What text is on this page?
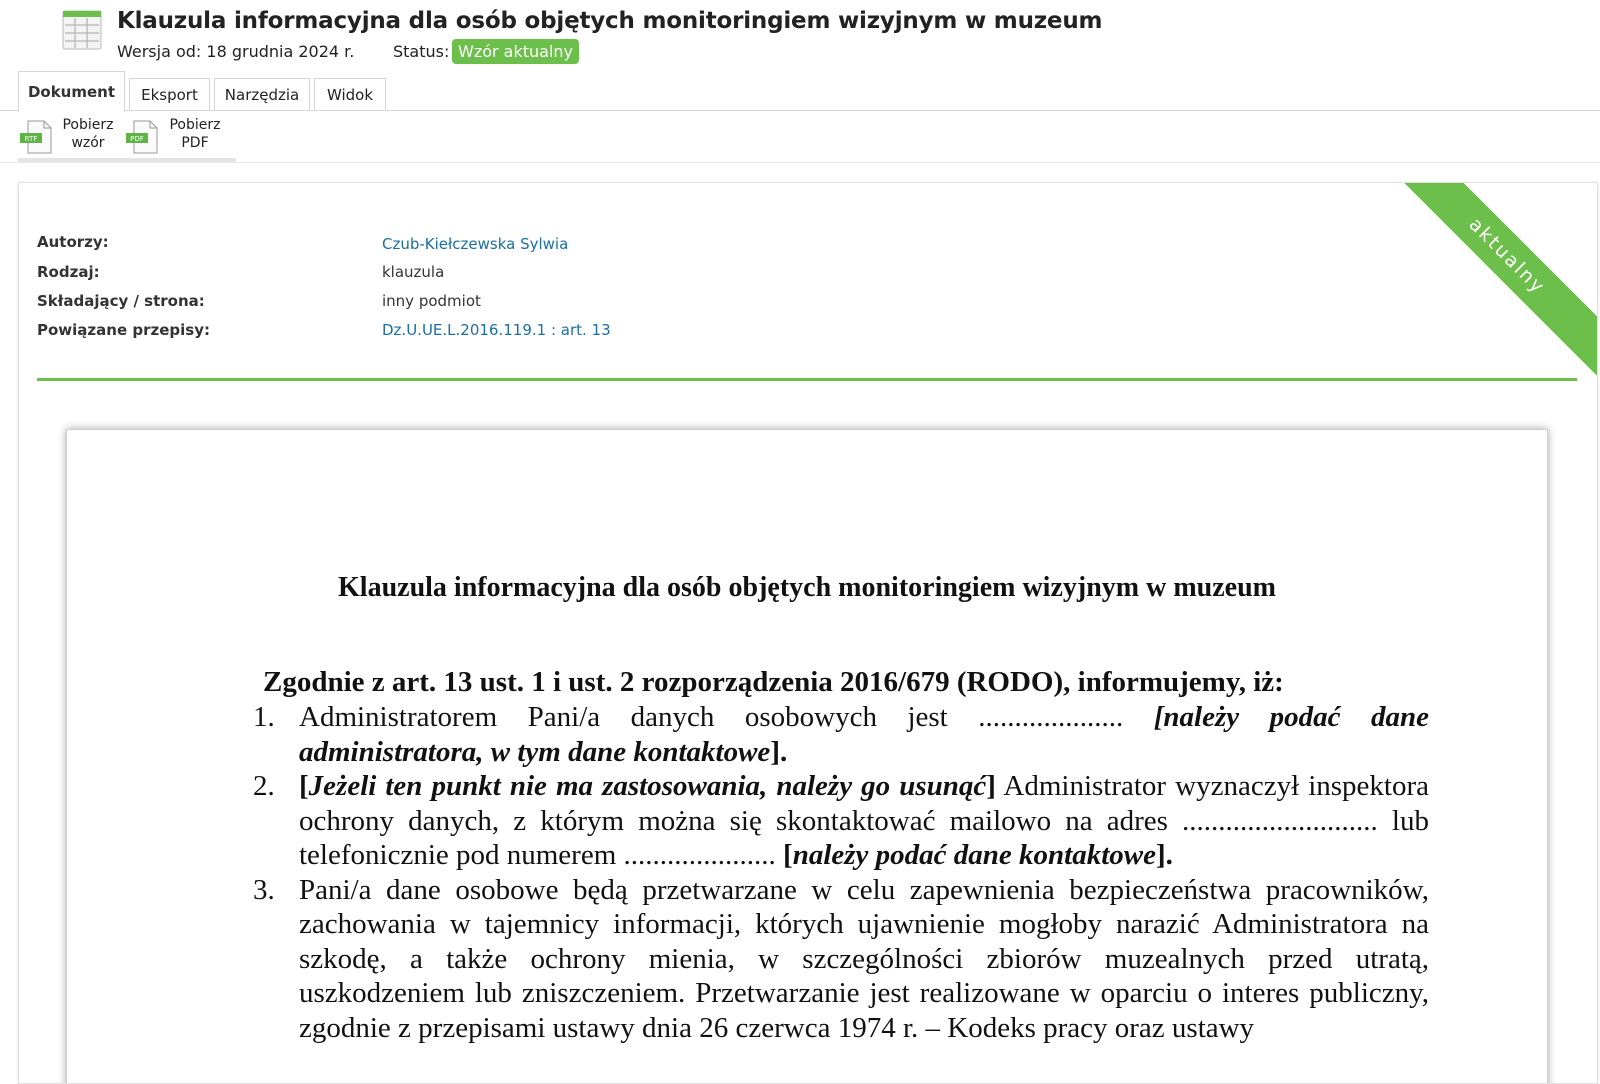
Klauzula informacyjna dla osób objętych monitoringiem wizyjnym w muzeum
Wersja od: 18 grudnia 2024 r. Status: Wzór aktualny
Dokument	Eksport	Narzędzia	Widok
RTF
Pobierz
wzór	PDF
Pobierz
PDF
aktualny
Autorzy:	Czub-Kiełczewska Sylwia
Rodzaj:	klauzula
Składający / strona:	inny podmiot
Powiązane przepisy:	Dz.U.UE.L.2016.119.1 : art. 13
Klauzula informacyjna dla osób objętych monitoringiem wizyjnym w muzeum
Zgodnie z art. 13 ust. 1 i ust. 2 rozporządzenia 2016/679 (RODO), informujemy, iż:
1. Administratorem Pani/a danych osobowych jest .................... [należy podać dane administratora, w tym dane kontaktowe].
2. [Jeżeli ten punkt nie ma zastosowania, należy go usunąć] Administrator wyznaczył inspektora ochrony danych, z którym można się skontaktować mailowo na adres ........................... lub telefonicznie pod numerem ..................... [należy podać dane kontaktowe].
3. Pani/a dane osobowe będą przetwarzane w celu zapewnienia bezpieczeństwa pracowników, zachowania w tajemnicy informacji, których ujawnienie mogłoby narazić Administratora na szkodę, a także ochrony mienia, w szczególności zbiorów muzealnych przed utratą, uszkodzeniem lub zniszczeniem. Przetwarzanie jest realizowane w oparciu o interes publiczny, zgodnie z przepisami ustawy dnia 26 czerwca 1974 r. – Kodeks pracy oraz ustawy
